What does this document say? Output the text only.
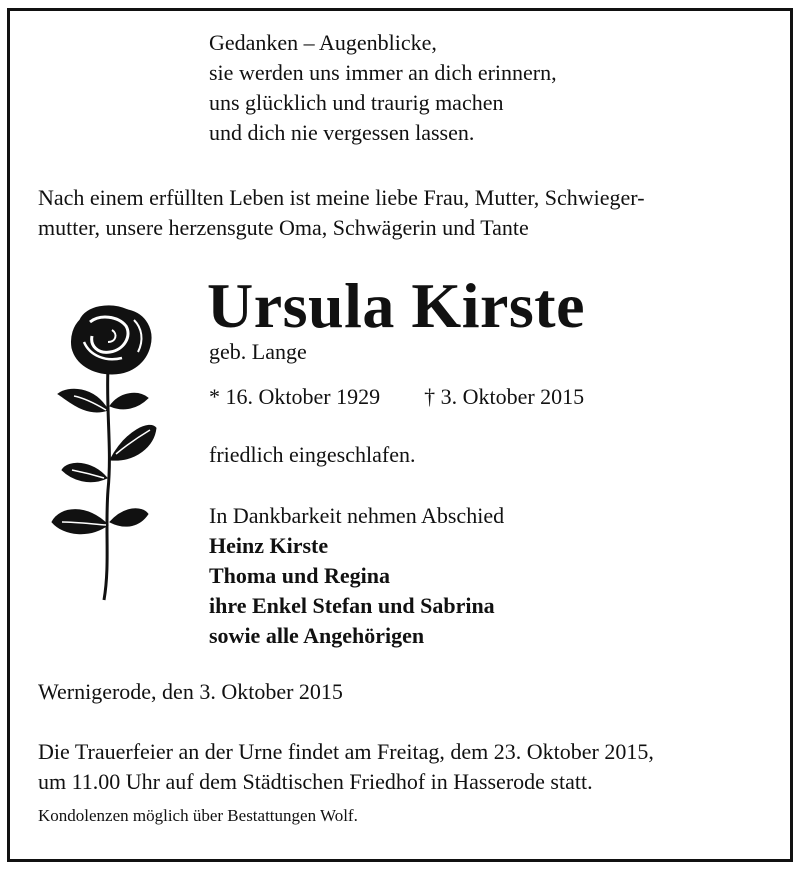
Gedanken – Augenblicke,
sie werden uns immer an dich erinnern,
uns glücklich und traurig machen
und dich nie vergessen lassen.
Nach einem erfüllten Leben ist meine liebe Frau, Mutter, Schwieger-
mutter, unsere herzensgute Oma, Schwägerin und Tante
Ursula Kirste
geb. Lange
* 16. Oktober 1929 † 3. Oktober 2015
friedlich eingeschlafen.
In Dankbarkeit nehmen Abschied
Heinz Kirste
Thoma und Regina
ihre Enkel Stefan und Sabrina
sowie alle Angehörigen
Wernigerode, den 3. Oktober 2015
Die Trauerfeier an der Urne findet am Freitag, dem 23. Oktober 2015,
um 11.00 Uhr auf dem Städtischen Friedhof in Hasserode statt.
Kondolenzen möglich über Bestattungen Wolf.
